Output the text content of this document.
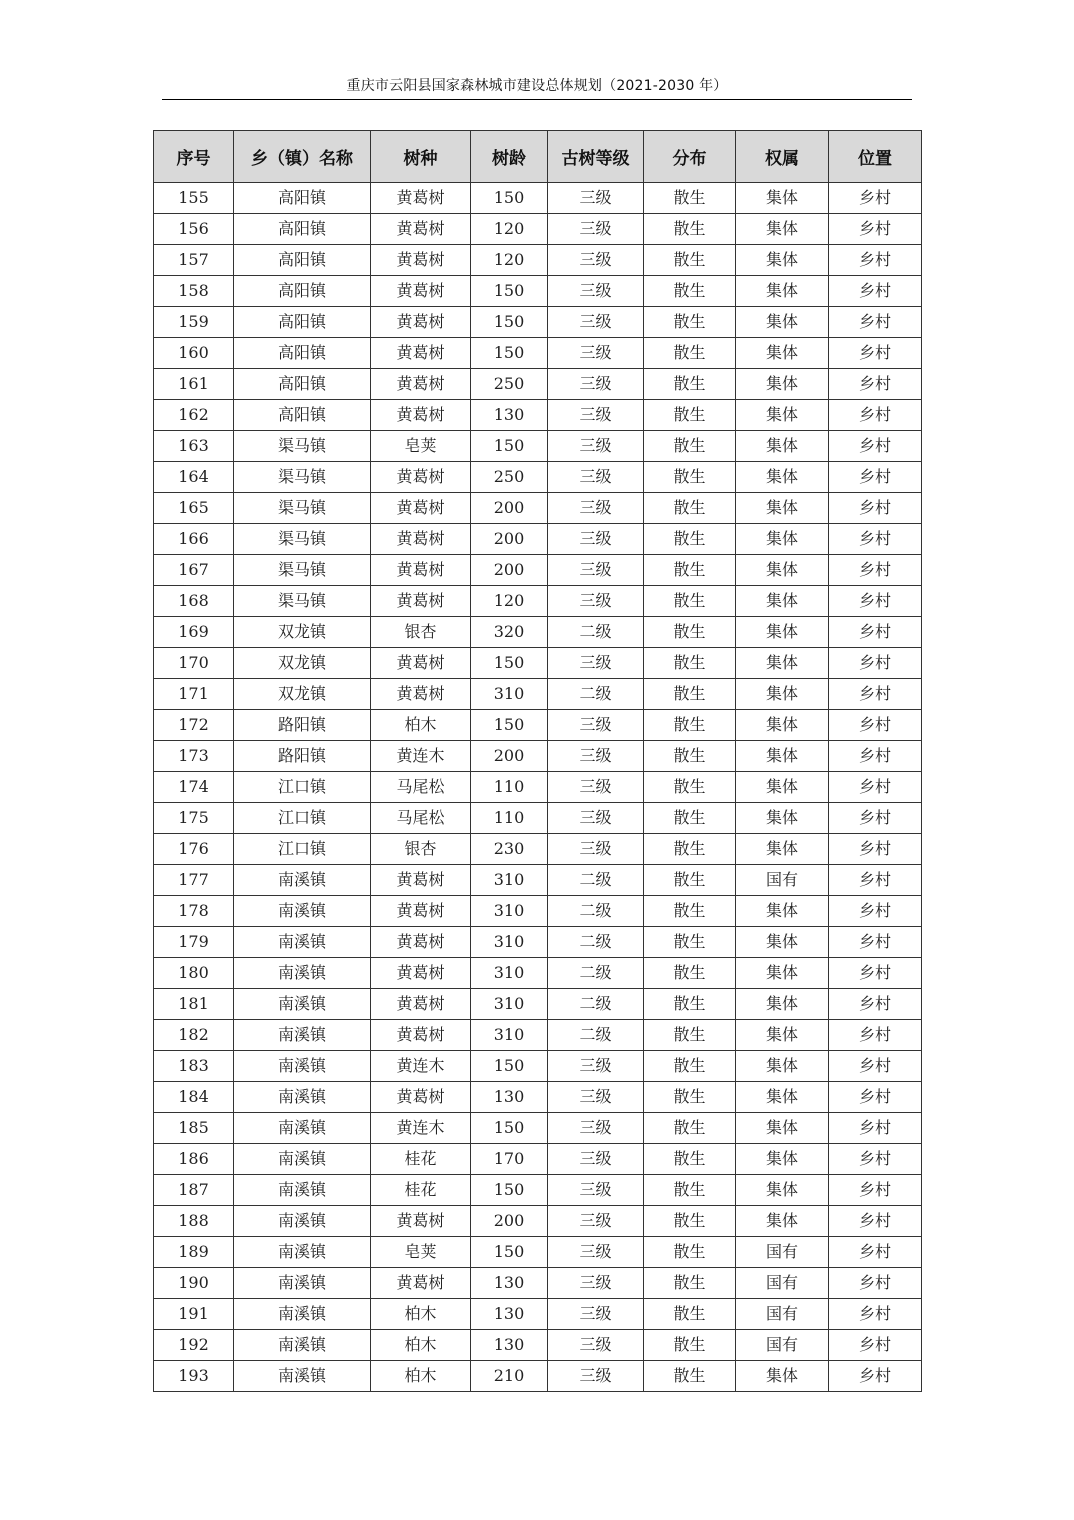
重庆市云阳县国家森林城市建设总体规划（2021-2030 年）
序号	乡（镇）名称	树种	树龄	古树等级	分布	权属	位置
155	高阳镇	黄葛树	150	三级	散生	集体	乡村
156	高阳镇	黄葛树	120	三级	散生	集体	乡村
157	高阳镇	黄葛树	120	三级	散生	集体	乡村
158	高阳镇	黄葛树	150	三级	散生	集体	乡村
159	高阳镇	黄葛树	150	三级	散生	集体	乡村
160	高阳镇	黄葛树	150	三级	散生	集体	乡村
161	高阳镇	黄葛树	250	三级	散生	集体	乡村
162	高阳镇	黄葛树	130	三级	散生	集体	乡村
163	渠马镇	皂荚	150	三级	散生	集体	乡村
164	渠马镇	黄葛树	250	三级	散生	集体	乡村
165	渠马镇	黄葛树	200	三级	散生	集体	乡村
166	渠马镇	黄葛树	200	三级	散生	集体	乡村
167	渠马镇	黄葛树	200	三级	散生	集体	乡村
168	渠马镇	黄葛树	120	三级	散生	集体	乡村
169	双龙镇	银杏	320	二级	散生	集体	乡村
170	双龙镇	黄葛树	150	三级	散生	集体	乡村
171	双龙镇	黄葛树	310	二级	散生	集体	乡村
172	路阳镇	柏木	150	三级	散生	集体	乡村
173	路阳镇	黄连木	200	三级	散生	集体	乡村
174	江口镇	马尾松	110	三级	散生	集体	乡村
175	江口镇	马尾松	110	三级	散生	集体	乡村
176	江口镇	银杏	230	三级	散生	集体	乡村
177	南溪镇	黄葛树	310	二级	散生	国有	乡村
178	南溪镇	黄葛树	310	二级	散生	集体	乡村
179	南溪镇	黄葛树	310	二级	散生	集体	乡村
180	南溪镇	黄葛树	310	二级	散生	集体	乡村
181	南溪镇	黄葛树	310	二级	散生	集体	乡村
182	南溪镇	黄葛树	310	二级	散生	集体	乡村
183	南溪镇	黄连木	150	三级	散生	集体	乡村
184	南溪镇	黄葛树	130	三级	散生	集体	乡村
185	南溪镇	黄连木	150	三级	散生	集体	乡村
186	南溪镇	桂花	170	三级	散生	集体	乡村
187	南溪镇	桂花	150	三级	散生	集体	乡村
188	南溪镇	黄葛树	200	三级	散生	集体	乡村
189	南溪镇	皂荚	150	三级	散生	国有	乡村
190	南溪镇	黄葛树	130	三级	散生	国有	乡村
191	南溪镇	柏木	130	三级	散生	国有	乡村
192	南溪镇	柏木	130	三级	散生	国有	乡村
193	南溪镇	柏木	210	三级	散生	集体	乡村
